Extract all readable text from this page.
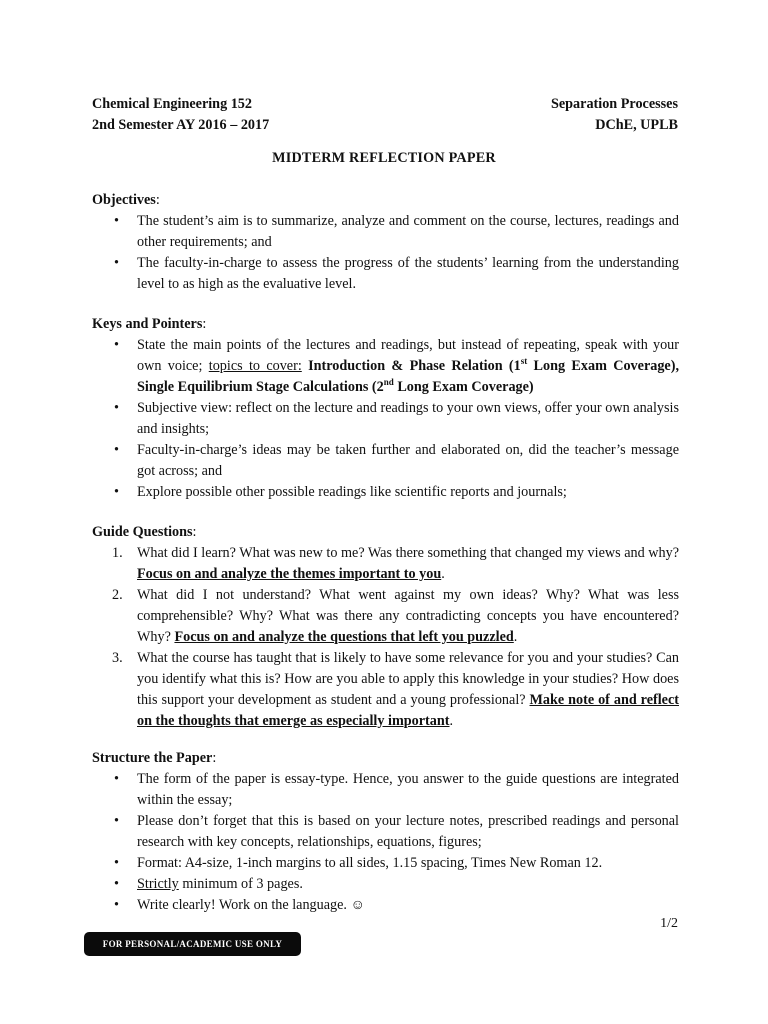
Chemical Engineering 152	Separation Processes
2nd Semester AY 2016 – 2017	DChE, UPLB
MIDTERM REFLECTION PAPER
Objectives:
• The student’s aim is to summarize, analyze and comment on the course, lectures, readings and other requirements; and
• The faculty-in-charge to assess the progress of the students’ learning from the understanding level to as high as the evaluative level.
Keys and Pointers:
• State the main points of the lectures and readings, but instead of repeating, speak with your own voice; topics to cover: Introduction & Phase Relation (1st Long Exam Coverage), Single Equilibrium Stage Calculations (2nd Long Exam Coverage)
• Subjective view: reflect on the lecture and readings to your own views, offer your own analysis and insights;
• Faculty-in-charge’s ideas may be taken further and elaborated on, did the teacher’s message got across; and
• Explore possible other possible readings like scientific reports and journals;
Guide Questions:
1. What did I learn? What was new to me? Was there something that changed my views and why? Focus on and analyze the themes important to you.
2. What did I not understand? What went against my own ideas? Why? What was less comprehensible? Why? What was there any contradicting concepts you have encountered? Why? Focus on and analyze the questions that left you puzzled.
3. What the course has taught that is likely to have some relevance for you and your studies? Can you identify what this is? How are you able to apply this knowledge in your studies? How does this support your development as student and a young professional? Make note of and reflect on the thoughts that emerge as especially important.
Structure the Paper:
• The form of the paper is essay-type. Hence, you answer to the guide questions are integrated within the essay;
• Please don’t forget that this is based on your lecture notes, prescribed readings and personal research with key concepts, relationships, equations, figures;
• Format: A4-size, 1-inch margins to all sides, 1.15 spacing, Times New Roman 12.
• Strictly minimum of 3 pages.
• Write clearly! Work on the language. ☺
1/2
FOR PERSONAL/ACADEMIC USE ONLY
